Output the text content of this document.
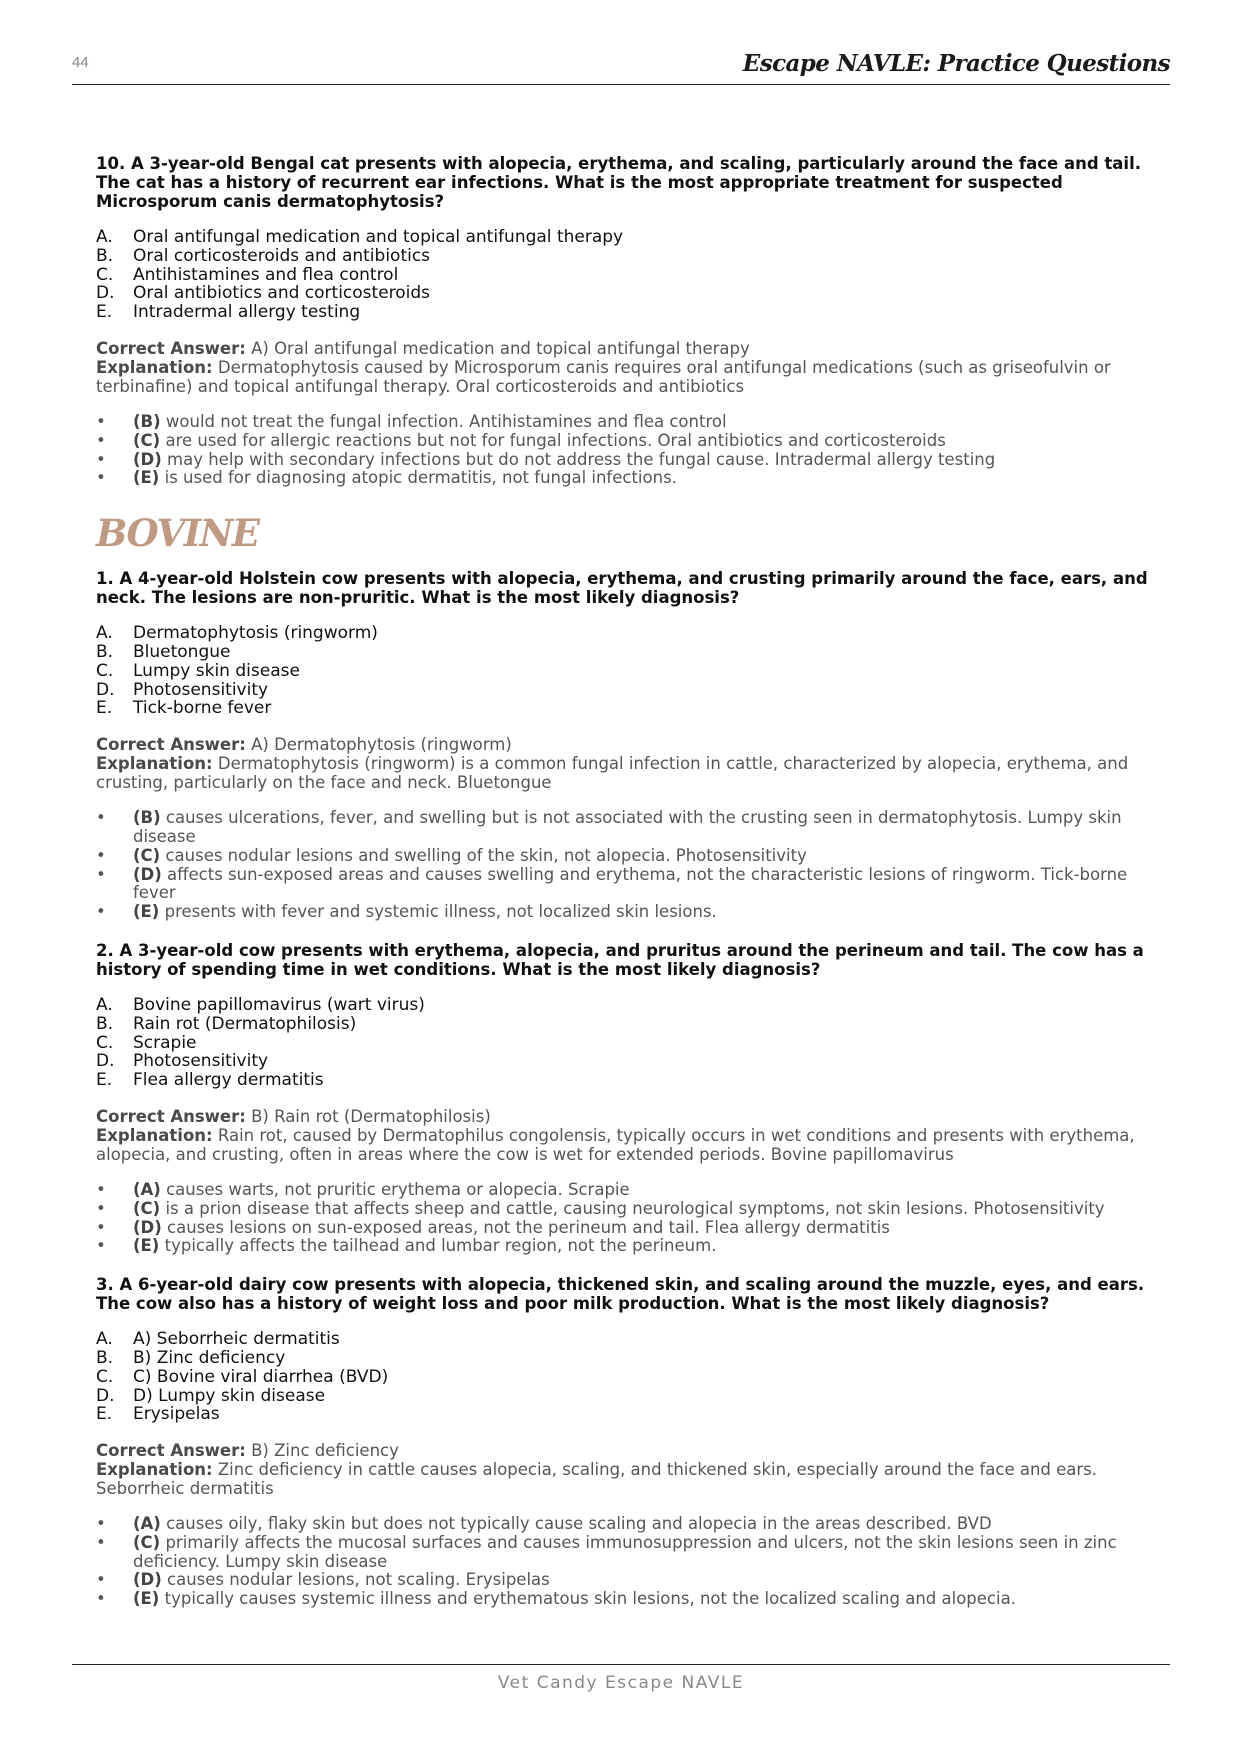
44	Escape NAVLE: Practice Questions

10. A 3-year-old Bengal cat presents with alopecia, erythema, and scaling, particularly around the face and tail. The cat has a history of recurrent ear infections. What is the most appropriate treatment for suspected Microsporum canis dermatophytosis?

A.	Oral antifungal medication and topical antifungal therapy
B.	Oral corticosteroids and antibiotics
C.	Antihistamines and flea control
D.	Oral antibiotics and corticosteroids
E.	Intradermal allergy testing
Correct Answer: A) Oral antifungal medication and topical antifungal therapy
Explanation: Dermatophytosis caused by Microsporum canis requires oral antifungal medications (such as griseofulvin or terbinafine) and topical antifungal therapy. Oral corticosteroids and antibiotics
• (B) would not treat the fungal infection. Antihistamines and flea control
• (C) are used for allergic reactions but not for fungal infections. Oral antibiotics and corticosteroids
• (D) may help with secondary infections but do not address the fungal cause. Intradermal allergy testing
• (E) is used for diagnosing atopic dermatitis, not fungal infections.
BOVINE

1. A 4-year-old Holstein cow presents with alopecia, erythema, and crusting primarily around the face, ears, and neck. The lesions are non-pruritic. What is the most likely diagnosis?

A.	Dermatophytosis (ringworm)
B.	Bluetongue
C.	Lumpy skin disease
D.	Photosensitivity
E.	Tick-borne fever
Correct Answer: A) Dermatophytosis (ringworm)
Explanation: Dermatophytosis (ringworm) is a common fungal infection in cattle, characterized by alopecia, erythema, and crusting, particularly on the face and neck. Bluetongue
• (B) causes ulcerations, fever, and swelling but is not associated with the crusting seen in dermatophytosis. Lumpy skin disease
• (C) causes nodular lesions and swelling of the skin, not alopecia. Photosensitivity
• (D) affects sun-exposed areas and causes swelling and erythema, not the characteristic lesions of ringworm. Tick-borne fever
• (E) presents with fever and systemic illness, not localized skin lesions.

2. A 3-year-old cow presents with erythema, alopecia, and pruritus around the perineum and tail. The cow has a history of spending time in wet conditions. What is the most likely diagnosis?

A.	Bovine papillomavirus (wart virus)
B.	Rain rot (Dermatophilosis)
C.	Scrapie
D.	Photosensitivity
E.	Flea allergy dermatitis
Correct Answer: B) Rain rot (Dermatophilosis)
Explanation: Rain rot, caused by Dermatophilus congolensis, typically occurs in wet conditions and presents with erythema, alopecia, and crusting, often in areas where the cow is wet for extended periods. Bovine papillomavirus
• (A) causes warts, not pruritic erythema or alopecia. Scrapie
• (C) is a prion disease that affects sheep and cattle, causing neurological symptoms, not skin lesions. Photosensitivity
• (D) causes lesions on sun-exposed areas, not the perineum and tail. Flea allergy dermatitis
• (E) typically affects the tailhead and lumbar region, not the perineum.

3. A 6-year-old dairy cow presents with alopecia, thickened skin, and scaling around the muzzle, eyes, and ears. The cow also has a history of weight loss and poor milk production. What is the most likely diagnosis?

A.	A) Seborrheic dermatitis
B.	B) Zinc deficiency
C.	C) Bovine viral diarrhea (BVD)
D.	D) Lumpy skin disease
E.	Erysipelas
Correct Answer: B) Zinc deficiency
Explanation: Zinc deficiency in cattle causes alopecia, scaling, and thickened skin, especially around the face and ears. Seborrheic dermatitis
• (A) causes oily, flaky skin but does not typically cause scaling and alopecia in the areas described. BVD
• (C) primarily affects the mucosal surfaces and causes immunosuppression and ulcers, not the skin lesions seen in zinc deficiency. Lumpy skin disease
• (D) causes nodular lesions, not scaling. Erysipelas
• (E) typically causes systemic illness and erythematous skin lesions, not the localized scaling and alopecia.
Vet Candy Escape NAVLE
